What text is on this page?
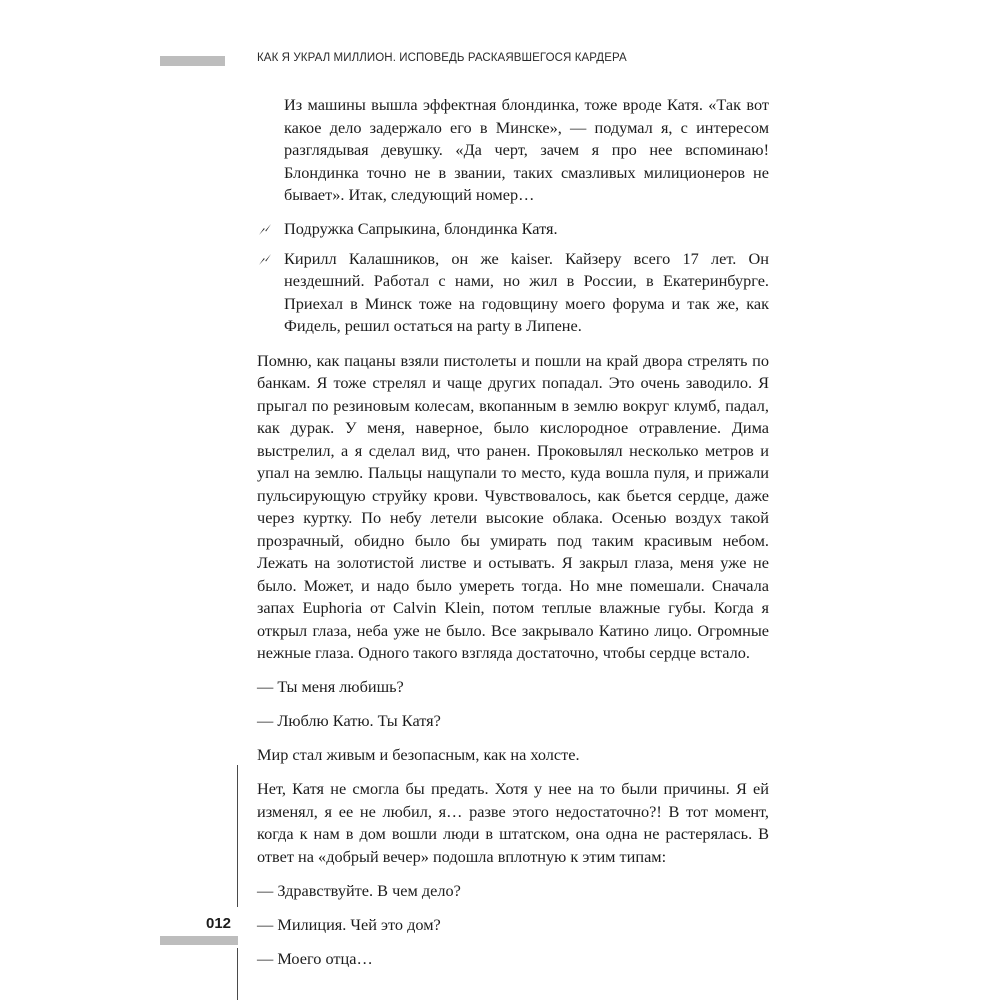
КАК Я УКРАЛ МИЛЛИОН. ИСПОВЕДЬ РАСКАЯВШЕГОСЯ КАРДЕРА

Из машины вышла эффектная блондинка, тоже вроде Катя. «Так вот какое дело задержало его в Минске», — подумал я, с интересом разглядывая девушку. «Да черт, зачем я про нее вспоминаю! Блондинка точно не в звании, таких смазливых милиционеров не бывает». Итак, следующий номер…

Подружка Сапрыкина, блондинка Катя.
Кирилл Калашников, он же kaiser. Кайзеру всего 17 лет. Он нездешний. Работал с нами, но жил в России, в Екатеринбурге. Приехал в Минск тоже на годовщину моего форума и так же, как Фидель, решил остаться на party в Липене.

Помню, как пацаны взяли пистолеты и пошли на край двора стрелять по банкам. Я тоже стрелял и чаще других попадал. Это очень заводило. Я прыгал по резиновым колесам, вкопанным в землю вокруг клумб, падал, как дурак. У меня, наверное, было кислородное отравление. Дима выстрелил, а я сделал вид, что ранен. Проковылял несколько метров и упал на землю. Пальцы нащупали то место, куда вошла пуля, и прижали пульсирующую струйку крови. Чувствовалось, как бьется сердце, даже через куртку. По небу летели высокие облака. Осенью воздух такой прозрачный, обидно было бы умирать под таким красивым небом. Лежать на золотистой листве и остывать. Я закрыл глаза, меня уже не было. Может, и надо было умереть тогда. Но мне помешали. Сначала запах Euphoria от Calvin Klein, потом теплые влажные губы. Когда я открыл глаза, неба уже не было. Все закрывало Катино лицо. Огромные нежные глаза. Одного такого взгляда достаточно, чтобы сердце встало.

— Ты меня любишь?

— Люблю Катю. Ты Катя?

Мир стал живым и безопасным, как на холсте.

Нет, Катя не смогла бы предать. Хотя у нее на то были причины. Я ей изменял, я ее не любил, я… разве этого недостаточно?! В тот момент, когда к нам в дом вошли люди в штатском, она одна не растерялась. В ответ на «добрый вечер» подошла вплотную к этим типам:

— Здравствуйте. В чем дело?

— Милиция. Чей это дом?

— Моего отца…

012
